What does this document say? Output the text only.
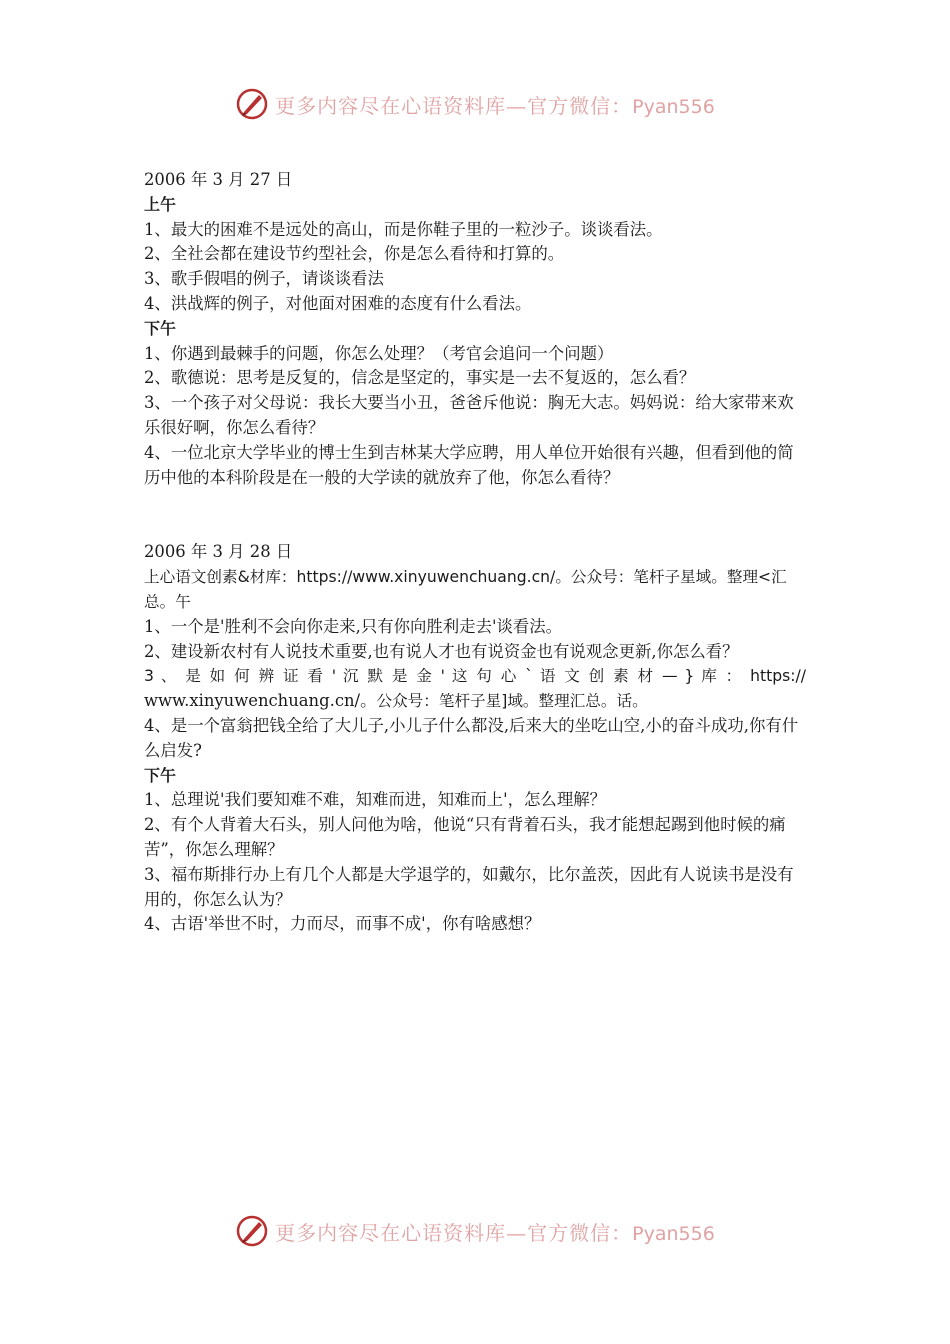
更多内容尽在心语资料库—官方微信：Pyan556

2006 年 3 月 27 日

上午

1、最大的困难不是远处的高山，而是你鞋子里的一粒沙子。谈谈看法。

2、全社会都在建设节约型社会，你是怎么看待和打算的。

3、歌手假唱的例子，请谈谈看法

4、洪战辉的例子，对他面对困难的态度有什么看法。

下午

1、你遇到最棘手的问题，你怎么处理？（考官会追问一个问题）

2、歌德说：思考是反复的，信念是坚定的，事实是一去不复返的，怎么看？

3、一个孩子对父母说：我长大要当小丑，爸爸斥他说：胸无大志。妈妈说：给大家带来欢乐很好啊，你怎么看待？

4、一位北京大学毕业的博士生到吉林某大学应聘，用人单位开始很有兴趣，但看到他的简历中他的本科阶段是在一般的大学读的就放弃了他，你怎么看待？

2006 年 3 月 28 日

上心语文创素&材库：https://www.xinyuwenchuang.cn/。公众号：笔杆子星域。整理<汇总。午

1、一个是'胜利不会向你走来,只有你向胜利走去'谈看法。

2、建设新农村有人说技术重要,也有说人才也有说资金也有说观念更新,你怎么看？

3 、 是 如 何 辨 证 看 ' 沉 默 是 金 ' 这 句 心 ` 语 文 创 素 材 — } 库 ： https://

www.xinyuwenchuang.cn/。公众号：笔杆子星]域。整理汇总。话。

4、是一个富翁把钱全给了大儿子,小儿子什么都没,后来大的坐吃山空,小的奋斗成功,你有什么启发?

下午

1、总理说'我们要知难不难，知难而进，知难而上'，怎么理解？

2、有个人背着大石头，别人问他为啥，他说“只有背着石头，我才能想起踢到他时候的痛苦”，你怎么理解？

3、福布斯排行办上有几个人都是大学退学的，如戴尔，比尔盖茨，因此有人说读书是没有用的，你怎么认为？

4、古语'举世不时，力而尽，而事不成'，你有啥感想？

更多内容尽在心语资料库—官方微信：Pyan556
